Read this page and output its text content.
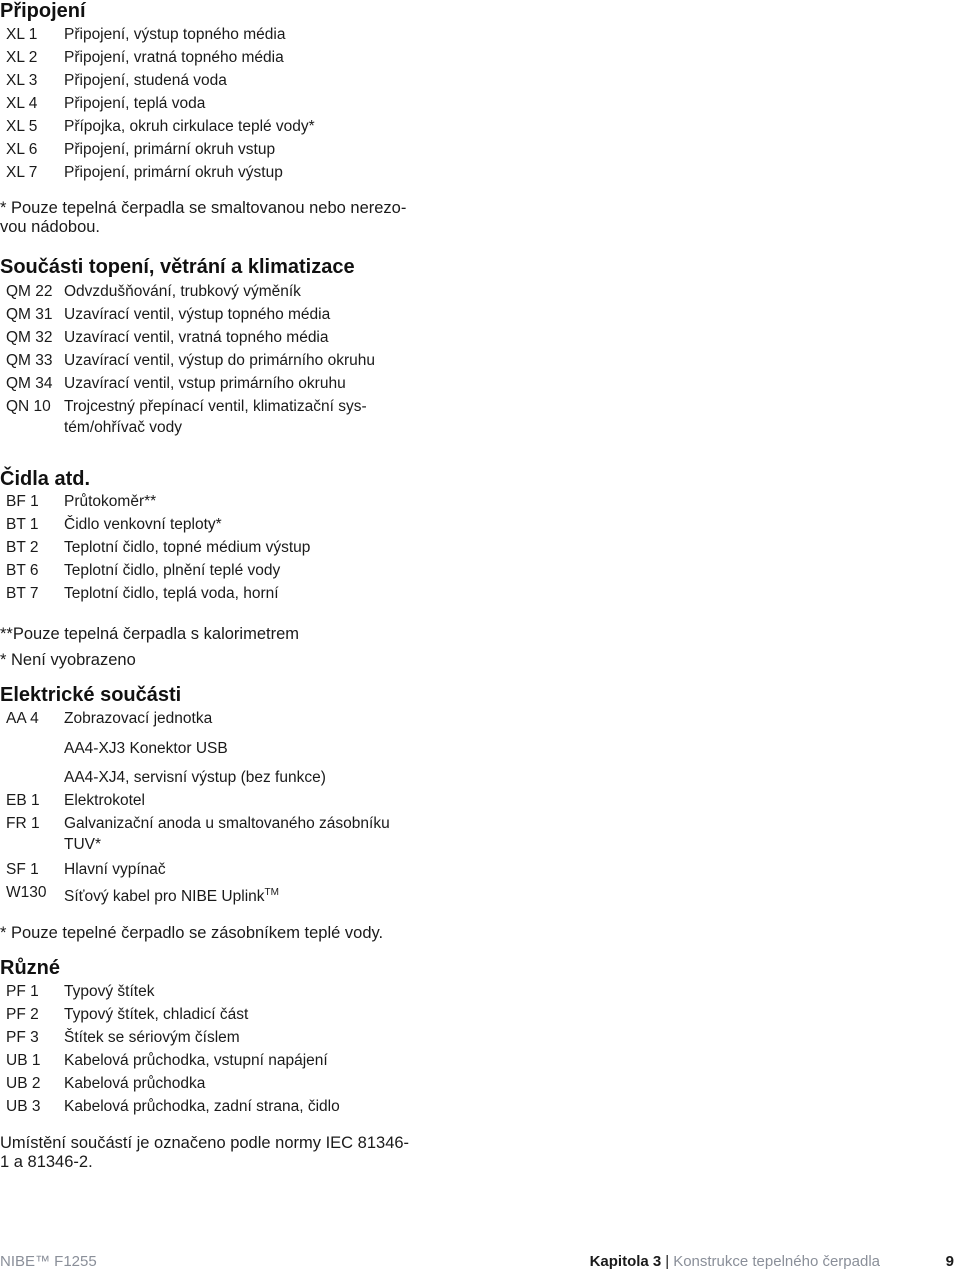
Připojení
XL 1	Připojení, výstup topného média
XL 2	Připojení, vratná topného média
XL 3	Připojení, studená voda
XL 4	Připojení, teplá voda
XL 5	Přípojka, okruh cirkulace teplé vody*
XL 6	Připojení, primární okruh vstup
XL 7	Připojení, primární okruh výstup

* Pouze tepelná čerpadla se smaltovanou nebo nerezo-
vou nádobou.

Součásti topení, větrání a klimatizace
QM 22 Odvzdušňování, trubkový výměník
QM 31 Uzavírací ventil, výstup topného média
QM 32 Uzavírací ventil, vratná topného média
QM 33 Uzavírací ventil, výstup do primárního okruhu
QM 34 Uzavírací ventil, vstup primárního okruhu
QN 10 Trojcestný přepínací ventil, klimatizační sys-
tém/ohřívač vody
Čidla atd.
BF 1	Průtokoměr**
BT 1	Čidlo venkovní teploty*
BT 2	Teplotní čidlo, topné médium výstup
BT 6	Teplotní čidlo, plnění teplé vody
BT 7	Teplotní čidlo, teplá voda, horní

**Pouze tepelná čerpadla s kalorimetrem
* Není vyobrazeno

Elektrické součásti
AA 4	Zobrazovací jednotka
AA4-XJ3 Konektor USB
AA4-XJ4, servisní výstup (bez funkce)
EB 1	Elektrokotel
FR 1	Galvanizační anoda u smaltovaného zásobníku
TUV*
SF 1	Hlavní vypínač
W130	Síťový kabel pro NIBE Uplink™

* Pouze tepelné čerpadlo se zásobníkem teplé vody.

Různé
PF 1	Typový štítek
PF 2	Typový štítek, chladicí část
PF 3	Štítek se sériovým číslem
UB 1	Kabelová průchodka, vstupní napájení
UB 2	Kabelová průchodka
UB 3	Kabelová průchodka, zadní strana, čidlo

Umístění součástí je označeno podle normy IEC 81346-
1 a 81346-2.

NIBE™ F1255	Kapitola 3 | Konstrukce tepelného čerpadla	9
